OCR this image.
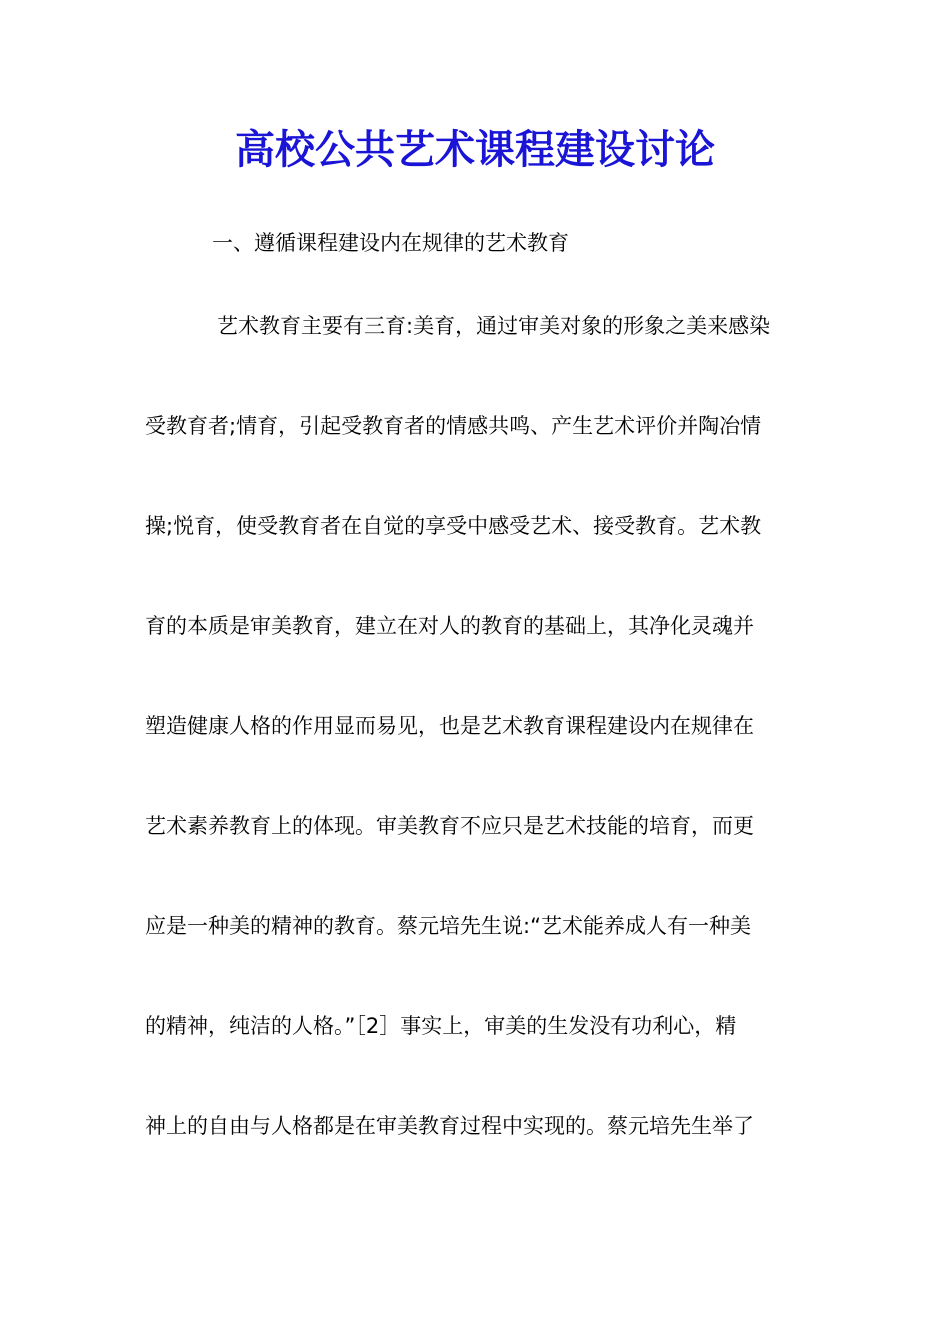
高校公共艺术课程建设讨论

一、遵循课程建设内在规律的艺术教育

艺术教育主要有三育:美育，通过审美对象的形象之美来感染
受教育者;情育，引起受教育者的情感共鸣、产生艺术评价并陶冶情
操;悦育，使受教育者在自觉的享受中感受艺术、接受教育。艺术教
育的本质是审美教育，建立在对人的教育的基础上，其净化灵魂并
塑造健康人格的作用显而易见，也是艺术教育课程建设内在规律在
艺术素养教育上的体现。审美教育不应只是艺术技能的培育，而更
应是一种美的精神的教育。蔡元培先生说:“艺术能养成人有一种美
的精神，纯洁的人格。”［2］事实上，审美的生发没有功利心，精
神上的自由与人格都是在审美教育过程中实现的。蔡元培先生举了
